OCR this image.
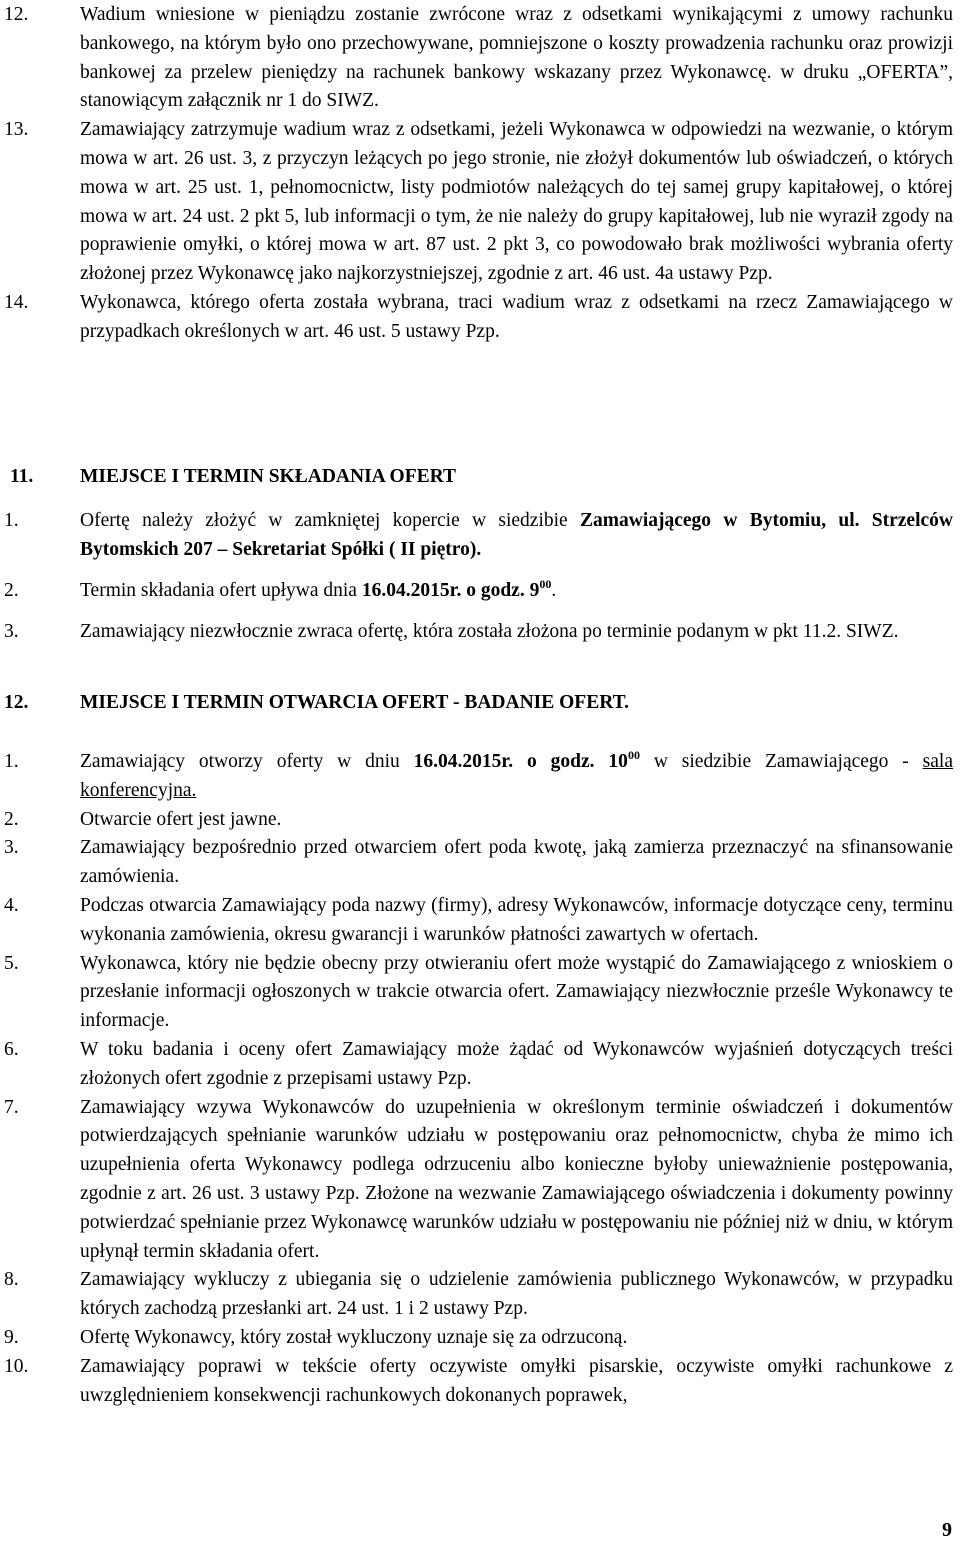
12.	Wadium wniesione w pieniądzu zostanie zwrócone wraz z odsetkami wynikającymi z umowy rachunku bankowego, na którym było ono przechowywane, pomniejszone o koszty prowadzenia rachunku oraz prowizji bankowej za przelew pieniędzy na rachunek bankowy wskazany przez Wykonawcę. w druku „OFERTA”, stanowiącym załącznik nr 1 do SIWZ.
13.	Zamawiający zatrzymuje wadium wraz z odsetkami, jeżeli Wykonawca w odpowiedzi na wezwanie, o którym mowa w art. 26 ust. 3, z przyczyn leżących po jego stronie, nie złożył dokumentów lub oświadczeń, o których mowa w art. 25 ust. 1, pełnomocnictw, listy podmiotów należących do tej samej grupy kapitałowej, o której mowa w art. 24 ust. 2 pkt 5, lub informacji o tym, że nie należy do grupy kapitałowej, lub nie wyraził zgody na poprawienie omyłki, o której mowa w art. 87 ust. 2 pkt 3, co powodowało brak możliwości wybrania oferty złożonej przez Wykonawcę jako najkorzystniejszej, zgodnie z art. 46 ust. 4a ustawy Pzp.
14.	Wykonawca, którego oferta została wybrana, traci wadium wraz z odsetkami na rzecz Zamawiającego w przypadkach określonych w art. 46 ust. 5 ustawy Pzp.
11.	MIEJSCE I TERMIN SKŁADANIA OFERT
1.	Ofertę należy złożyć w zamkniętej kopercie w siedzibie Zamawiającego w Bytomiu, ul. Strzelców Bytomskich 207 – Sekretariat Spółki ( II piętro).
2.	Termin składania ofert upływa dnia 16.04.2015r. o godz. $9^{00}$.
3.	Zamawiający niezwłocznie zwraca ofertę, która została złożona po terminie podanym w pkt 11.2. SIWZ.
12.	MIEJSCE I TERMIN OTWARCIA OFERT - BADANIE OFERT.
1.	Zamawiający otworzy oferty w dniu 16.04.2015r. o godz. $10^{00}$ w siedzibie Zamawiającego - sala konferencyjna.
2.	Otwarcie ofert jest jawne.
3.	Zamawiający bezpośrednio przed otwarciem ofert poda kwotę, jaką zamierza przeznaczyć na sfinansowanie zamówienia.
4.	Podczas otwarcia Zamawiający poda nazwy (firmy), adresy Wykonawców, informacje dotyczące ceny, terminu wykonania zamówienia, okresu gwarancji i warunków płatności zawartych w ofertach.
5.	Wykonawca, który nie będzie obecny przy otwieraniu ofert może wystąpić do Zamawiającego z wnioskiem o przesłanie informacji ogłoszonych w trakcie otwarcia ofert. Zamawiający niezwłocznie prześle Wykonawcy te informacje.
6.	W toku badania i oceny ofert Zamawiający może żądać od Wykonawców wyjaśnień dotyczących treści złożonych ofert zgodnie z przepisami ustawy Pzp.
7.	Zamawiający wzywa Wykonawców do uzupełnienia w określonym terminie oświadczeń i dokumentów potwierdzających spełnianie warunków udziału w postępowaniu oraz pełnomocnictw, chyba że mimo ich uzupełnienia oferta Wykonawcy podlega odrzuceniu albo konieczne byłoby unieważnienie postępowania, zgodnie z art. 26 ust. 3 ustawy Pzp. Złożone na wezwanie Zamawiającego oświadczenia i dokumenty powinny potwierdzać spełnianie przez Wykonawcę warunków udziału w postępowaniu nie później niż w dniu, w którym upłynął termin składania ofert.
8.	Zamawiający wykluczy z ubiegania się o udzielenie zamówienia publicznego Wykonawców, w przypadku których zachodzą przesłanki art. 24 ust. 1 i 2 ustawy Pzp.
9.	Ofertę Wykonawcy, który został wykluczony uznaje się za odrzuconą.
10.	Zamawiający poprawi w tekście oferty oczywiste omyłki pisarskie, oczywiste omyłki rachunkowe z uwzględnieniem konsekwencji rachunkowych dokonanych poprawek,
9
